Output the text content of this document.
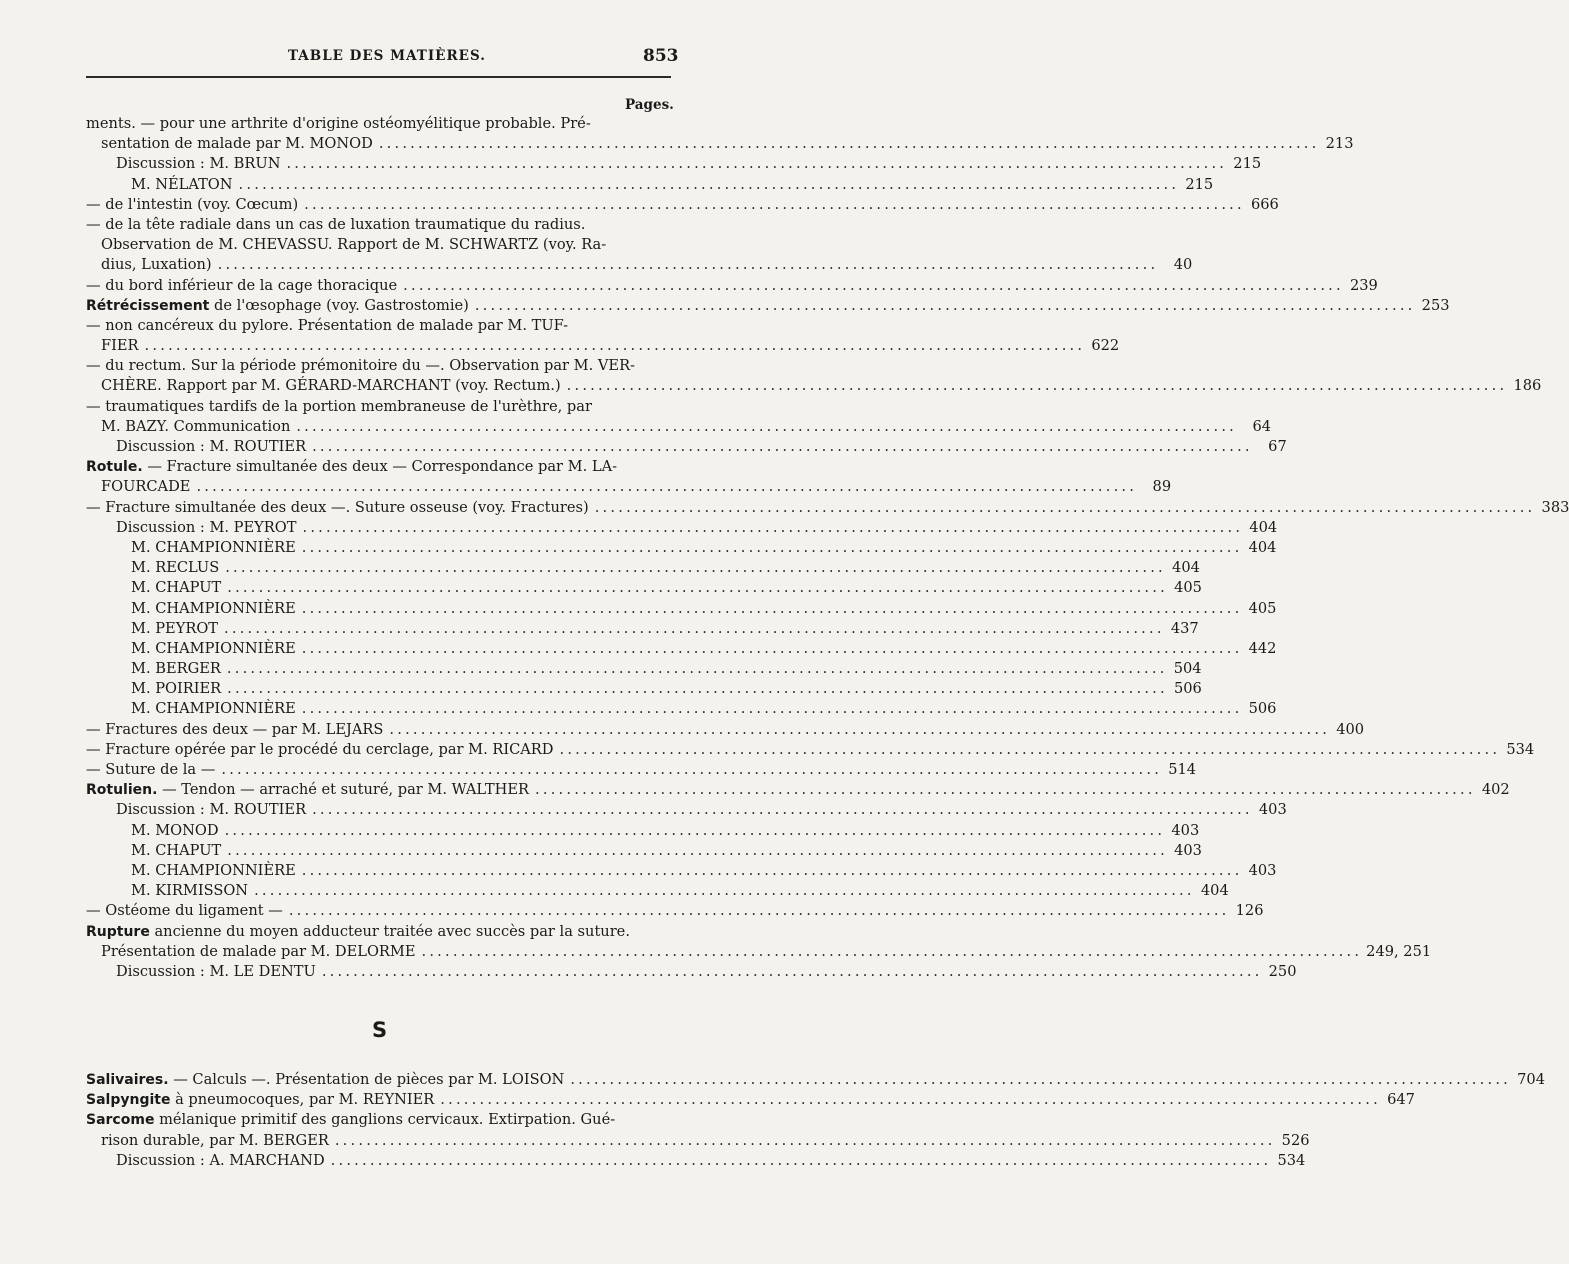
TABLE DES MATIÈRES.	853
Pages.
ments. — pour une arthrite d'origine ostéomyélitique probable. Pré-
sentation de malade par M. MONOD ........................................................................................................................ 213
Discussion : M. BRUN ........................................................................................................................ 215
M. NÉLATON ........................................................................................................................ 215
— de l'intestin (voy. Cœcum) ........................................................................................................................ 666
— de la tête radiale dans un cas de luxation traumatique du radius.
Observation de M. CHEVASSU. Rapport de M. SCHWARTZ (voy. Ra-
dius, Luxation) ........................................................................................................................	40
— du bord inférieur de la cage thoracique ........................................................................................................................ 239
Rétrécissement de l'œsophage (voy. Gastrostomie) ........................................................................................................................ 253
— non cancéreux du pylore. Présentation de malade par M. TUF-
FIER ........................................................................................................................ 622
— du rectum. Sur la période prémonitoire du —. Observation par M. VER-
CHÈRE. Rapport par M. GÉRARD-MARCHANT (voy. Rectum.) ........................................................................................................................ 186
— traumatiques tardifs de la portion membraneuse de l'urèthre, par
M. BAZY. Communication ........................................................................................................................	64
Discussion : M. ROUTIER ........................................................................................................................	67
Rotule. — Fracture simultanée des deux — Correspondance par M. LA-
FOURCADE ........................................................................................................................	89
— Fracture simultanée des deux —. Suture osseuse (voy. Fractures) ........................................................................................................................ 383
Discussion : M. PEYROT ........................................................................................................................ 404
M. CHAMPIONNIÈRE ........................................................................................................................ 404
M. RECLUS ........................................................................................................................ 404
M. CHAPUT ........................................................................................................................ 405
M. CHAMPIONNIÈRE ........................................................................................................................ 405
M. PEYROT ........................................................................................................................ 437
M. CHAMPIONNIÈRE ........................................................................................................................ 442
M. BERGER ........................................................................................................................ 504
M. POIRIER ........................................................................................................................ 506
M. CHAMPIONNIÈRE ........................................................................................................................ 506
— Fractures des deux — par M. LEJARS ........................................................................................................................ 400
— Fracture opérée par le procédé du cerclage, par M. RICARD ........................................................................................................................ 534
— Suture de la — ........................................................................................................................ 514
Rotulien. — Tendon — arraché et suturé, par M. WALTHER ........................................................................................................................ 402
Discussion : M. ROUTIER ........................................................................................................................ 403
M. MONOD ........................................................................................................................ 403
M. CHAPUT ........................................................................................................................ 403
M. CHAMPIONNIÈRE ........................................................................................................................ 403
M. KIRMISSON ........................................................................................................................ 404
— Ostéome du ligament — ........................................................................................................................ 126
Rupture ancienne du moyen adducteur traitée avec succès par la suture.
Présentation de malade par M. DELORME ........................................................................................................................ 249, 251
Discussion : M. LE DENTU ........................................................................................................................ 250
S
Salivaires. — Calculs —. Présentation de pièces par M. LOISON ........................................................................................................................ 704
Salpyngite à pneumocoques, par M. REYNIER ........................................................................................................................ 647
Sarcome mélanique primitif des ganglions cervicaux. Extirpation. Gué-
rison durable, par M. BERGER ........................................................................................................................ 526
Discussion : A. MARCHAND ........................................................................................................................ 534
